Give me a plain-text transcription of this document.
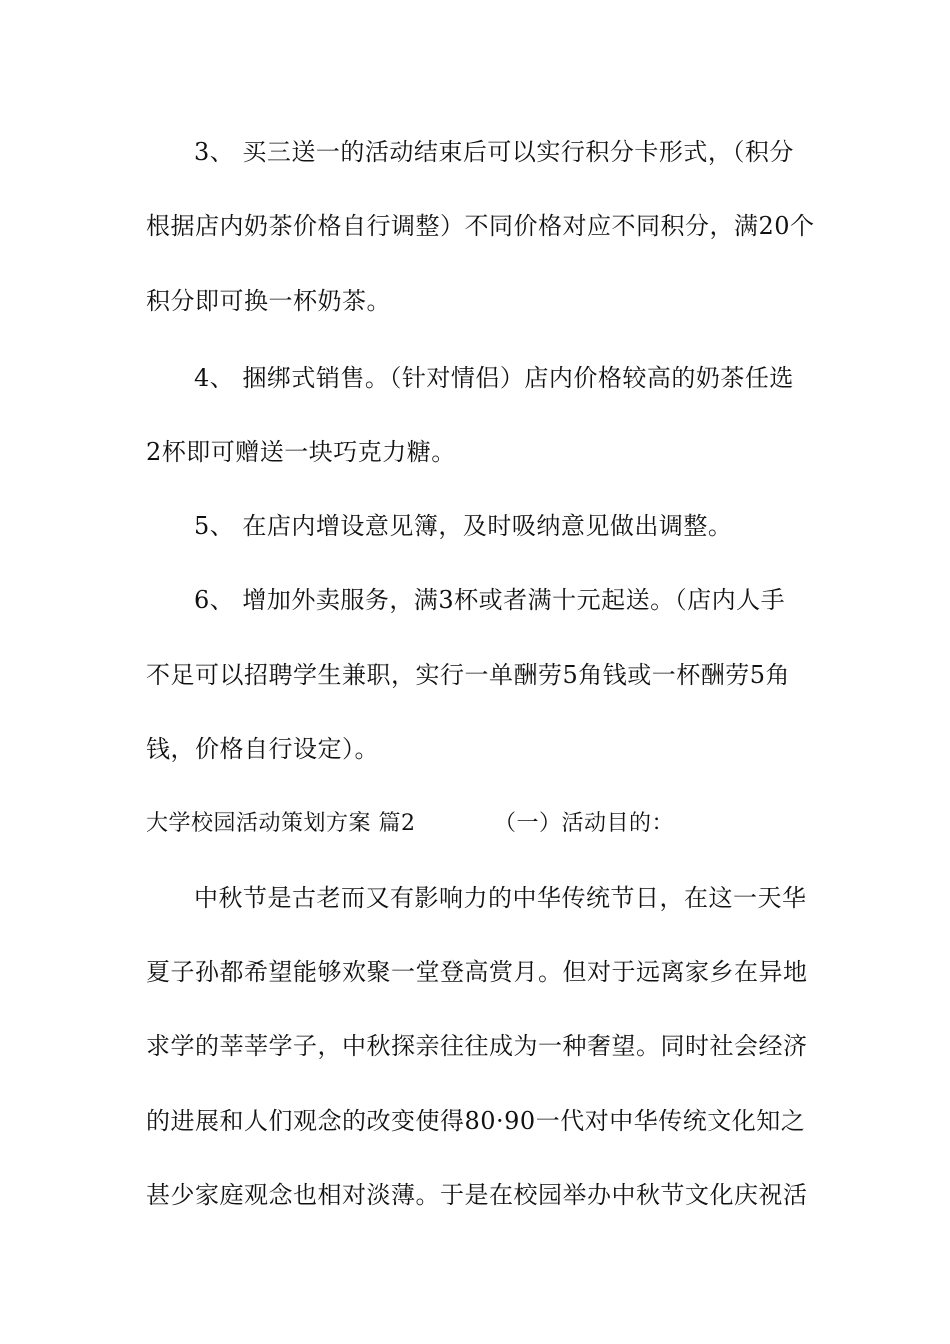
3、 买三送一的活动结束后可以实行积分卡形式，（积分
根据店内奶茶价格自行调整）不同价格对应不同积分，满20个
积分即可换一杯奶茶。
4、 捆绑式销售。（针对情侣）店内价格较高的奶茶任选
2杯即可赠送一块巧克力糖。
5、 在店内增设意见簿，及时吸纳意见做出调整。
6、 增加外卖服务，满3杯或者满十元起送。（店内人手
不足可以招聘学生兼职，实行一单酬劳5角钱或一杯酬劳5角
钱，价格自行设定）。
大学校园活动策划方案 篇2	（一）活动目的：
中秋节是古老而又有影响力的中华传统节日，在这一天华
夏子孙都希望能够欢聚一堂登高赏月。但对于远离家乡在异地
求学的莘莘学子，中秋探亲往往成为一种奢望。同时社会经济
的进展和人们观念的改变使得80·90一代对中华传统文化知之
甚少家庭观念也相对淡薄。于是在校园举办中秋节文化庆祝活
